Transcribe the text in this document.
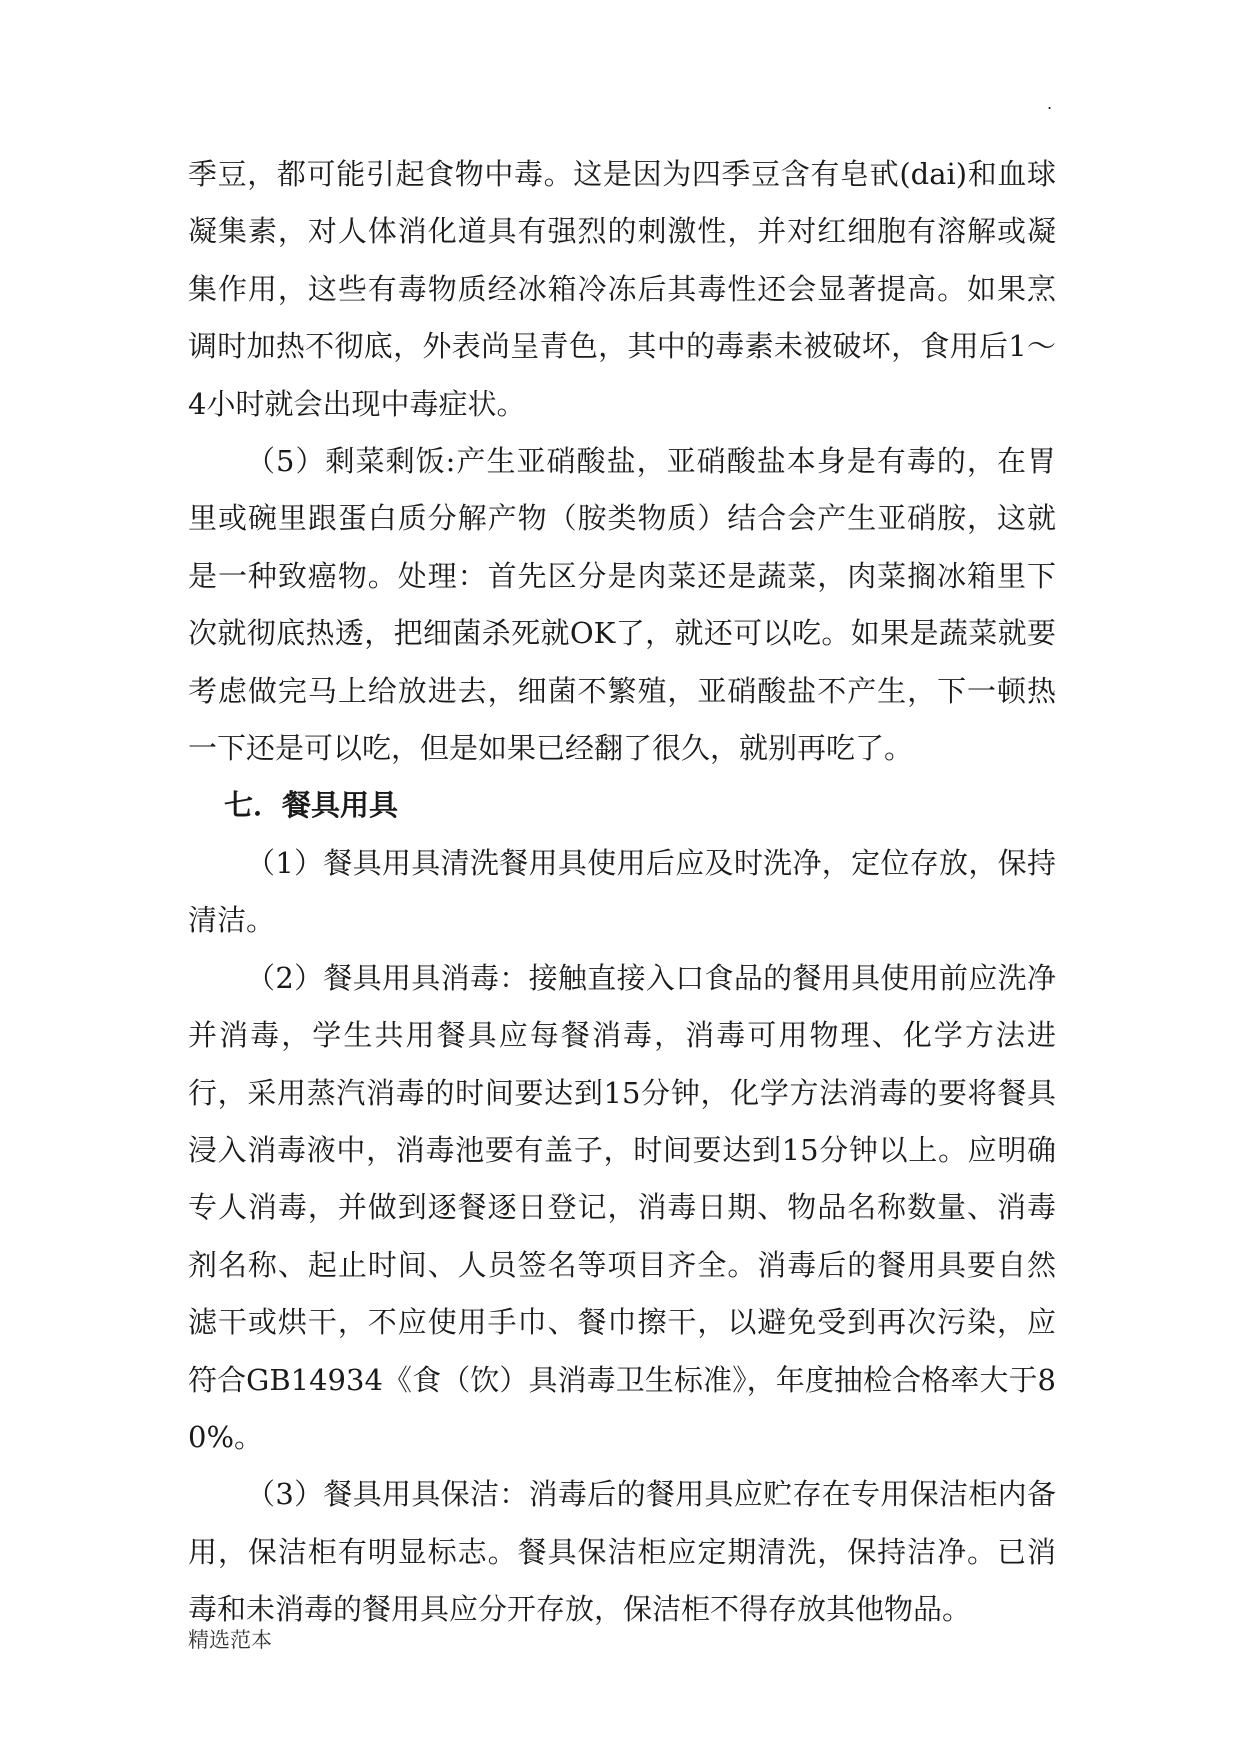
.

季豆，都可能引起食物中毒。这是因为四季豆含有皂甙(dai)和血球凝集素，对人体消化道具有强烈的刺激性，并对红细胞有溶解或凝集作用，这些有毒物质经冰箱冷冻后其毒性还会显著提高。如果烹调时加热不彻底，外表尚呈青色，其中的毒素未被破坏，食用后1～4小时就会出现中毒症状。

（5）剩菜剩饭:产生亚硝酸盐，亚硝酸盐本身是有毒的，在胃里或碗里跟蛋白质分解产物（胺类物质）结合会产生亚硝胺，这就是一种致癌物。处理：首先区分是肉菜还是蔬菜，肉菜搁冰箱里下次就彻底热透，把细菌杀死就OK了，就还可以吃。如果是蔬菜就要考虑做完马上给放进去，细菌不繁殖，亚硝酸盐不产生，下一顿热一下还是可以吃，但是如果已经翻了很久，就别再吃了。

七．餐具用具

（1）餐具用具清洗餐用具使用后应及时洗净，定位存放，保持清洁。

（2）餐具用具消毒：接触直接入口食品的餐用具使用前应洗净并消毒，学生共用餐具应每餐消毒，消毒可用物理、化学方法进行，采用蒸汽消毒的时间要达到15分钟，化学方法消毒的要将餐具浸入消毒液中，消毒池要有盖子，时间要达到15分钟以上。应明确专人消毒，并做到逐餐逐日登记，消毒日期、物品名称数量、消毒剂名称、起止时间、人员签名等项目齐全。消毒后的餐用具要自然滤干或烘干，不应使用手巾、餐巾擦干，以避免受到再次污染，应符合GB14934《食（饮）具消毒卫生标准》，年度抽检合格率大于80%。

（3）餐具用具保洁：消毒后的餐用具应贮存在专用保洁柜内备用，保洁柜有明显标志。餐具保洁柜应定期清洗，保持洁净。已消毒和未消毒的餐用具应分开存放，保洁柜不得存放其他物品。

精选范本
